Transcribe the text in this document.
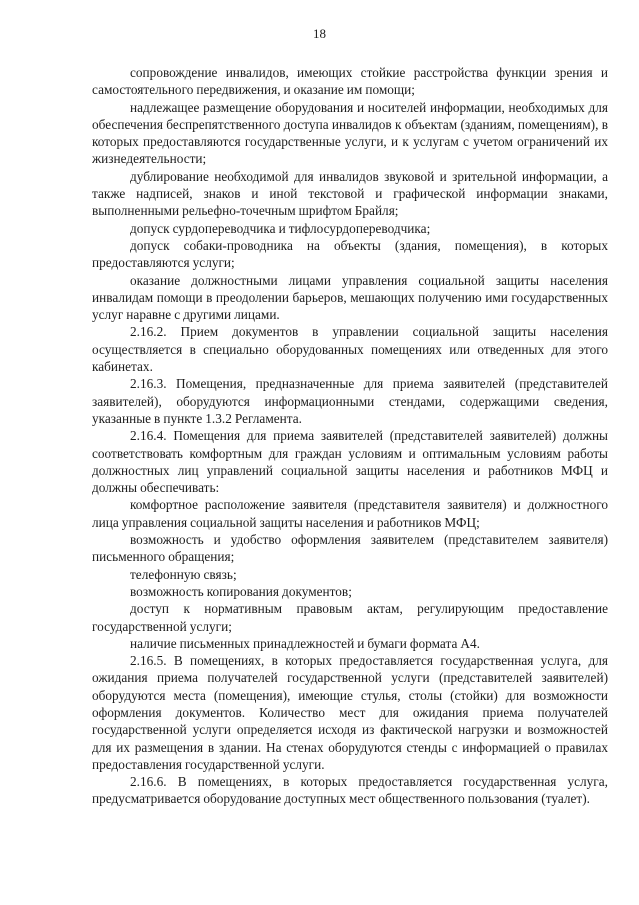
18

сопровождение инвалидов, имеющих стойкие расстройства функции зрения и самостоятельного передвижения, и оказание им помощи;

надлежащее размещение оборудования и носителей информации, необходимых для обеспечения беспрепятственного доступа инвалидов к объектам (зданиям, помещениям), в которых предоставляются государственные услуги, и к услугам с учетом ограничений их жизнедеятельности;

дублирование необходимой для инвалидов звуковой и зрительной информации, а также надписей, знаков и иной текстовой и графической информации знаками, выполненными рельефно-точечным шрифтом Брайля;

допуск сурдопереводчика и тифлосурдопереводчика;

допуск собаки-проводника на объекты (здания, помещения), в которых предоставляются услуги;

оказание должностными лицами управления социальной защиты населения инвалидам помощи в преодолении барьеров, мешающих получению ими государственных услуг наравне с другими лицами.

2.16.2. Прием документов в управлении социальной защиты населения осуществляется в специально оборудованных помещениях или отведенных для этого кабинетах.

2.16.3. Помещения, предназначенные для приема заявителей (представителей заявителей), оборудуются информационными стендами, содержащими сведения, указанные в пункте 1.3.2 Регламента.

2.16.4. Помещения для приема заявителей (представителей заявителей) должны соответствовать комфортным для граждан условиям и оптимальным условиям работы должностных лиц управлений социальной защиты населения и работников МФЦ и должны обеспечивать:

комфортное расположение заявителя (представителя заявителя) и должностного лица управления социальной защиты населения и работников МФЦ;

возможность и удобство оформления заявителем (представителем заявителя) письменного обращения;

телефонную связь;

возможность копирования документов;

доступ к нормативным правовым актам, регулирующим предоставление государственной услуги;

наличие письменных принадлежностей и бумаги формата А4.

2.16.5. В помещениях, в которых предоставляется государственная услуга, для ожидания приема получателей государственной услуги (представителей заявителей) оборудуются места (помещения), имеющие стулья, столы (стойки) для возможности оформления документов. Количество мест для ожидания приема получателей государственной услуги определяется исходя из фактической нагрузки и возможностей для их размещения в здании. На стенах оборудуются стенды с информацией о правилах предоставления государственной услуги.

2.16.6. В помещениях, в которых предоставляется государственная услуга, предусматривается оборудование доступных мест общественного пользования (туалет).
